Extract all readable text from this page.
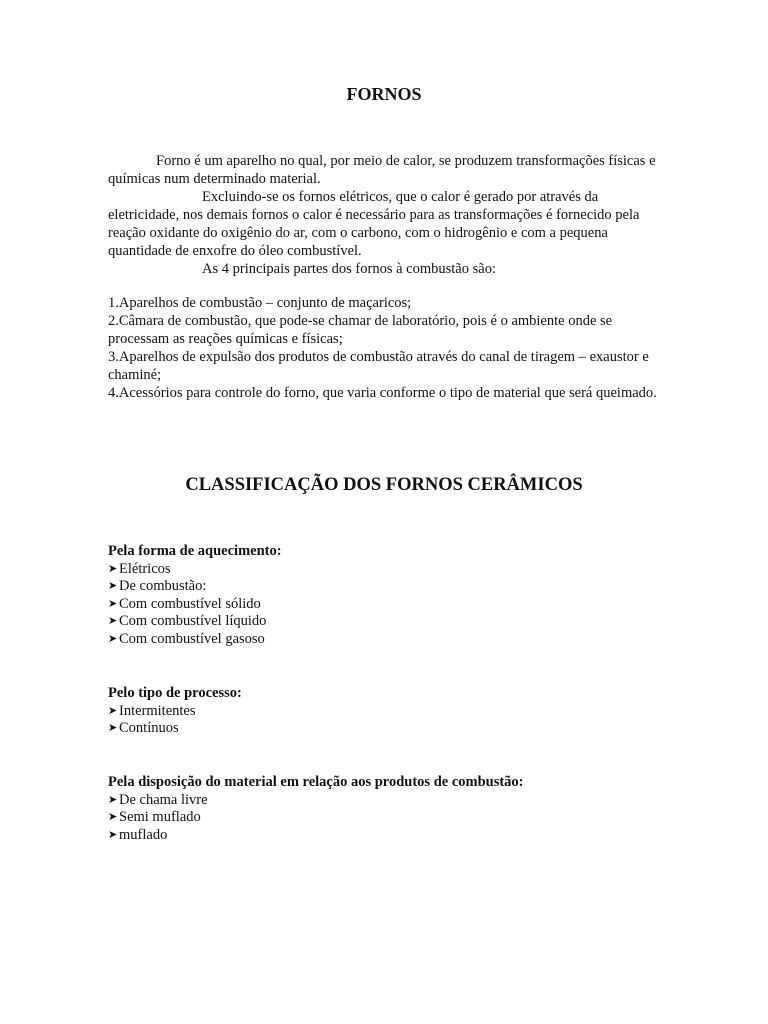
FORNOS

Forno é um aparelho no qual, por meio de calor, se produzem transformações físicas e químicas num determinado material.

Excluindo-se os fornos elétricos, que o calor é gerado por através da eletricidade, nos demais fornos o calor é necessário para as transformações é fornecido pela reação oxidante do oxigênio do ar, com o carbono, com o hidrogênio e com a pequena quantidade de enxofre do óleo combustível.

As 4 principais partes dos fornos à combustão são:

1.Aparelhos de combustão – conjunto de maçaricos;
2.Câmara de combustão, que pode-se chamar de laboratório, pois é o ambiente onde se processam as reações químicas e físicas;
3.Aparelhos de expulsão dos produtos de combustão através do canal de tiragem – exaustor e chaminé;
4.Acessórios para controle do forno, que varia conforme o tipo de material que será queimado.
CLASSIFICAÇÃO DOS FORNOS CERÂMICOS
Pela forma de aquecimento:
➤ Elétricos
➤ De combustão:
➤ Com combustível sólido
➤ Com combustível líquido
➤ Com combustível gasoso
Pelo tipo de processo:
➤ Intermitentes
➤ Contínuos
Pela disposição do material em relação aos produtos de combustão:
➤ De chama livre
➤ Semi muflado
➤ muflado
